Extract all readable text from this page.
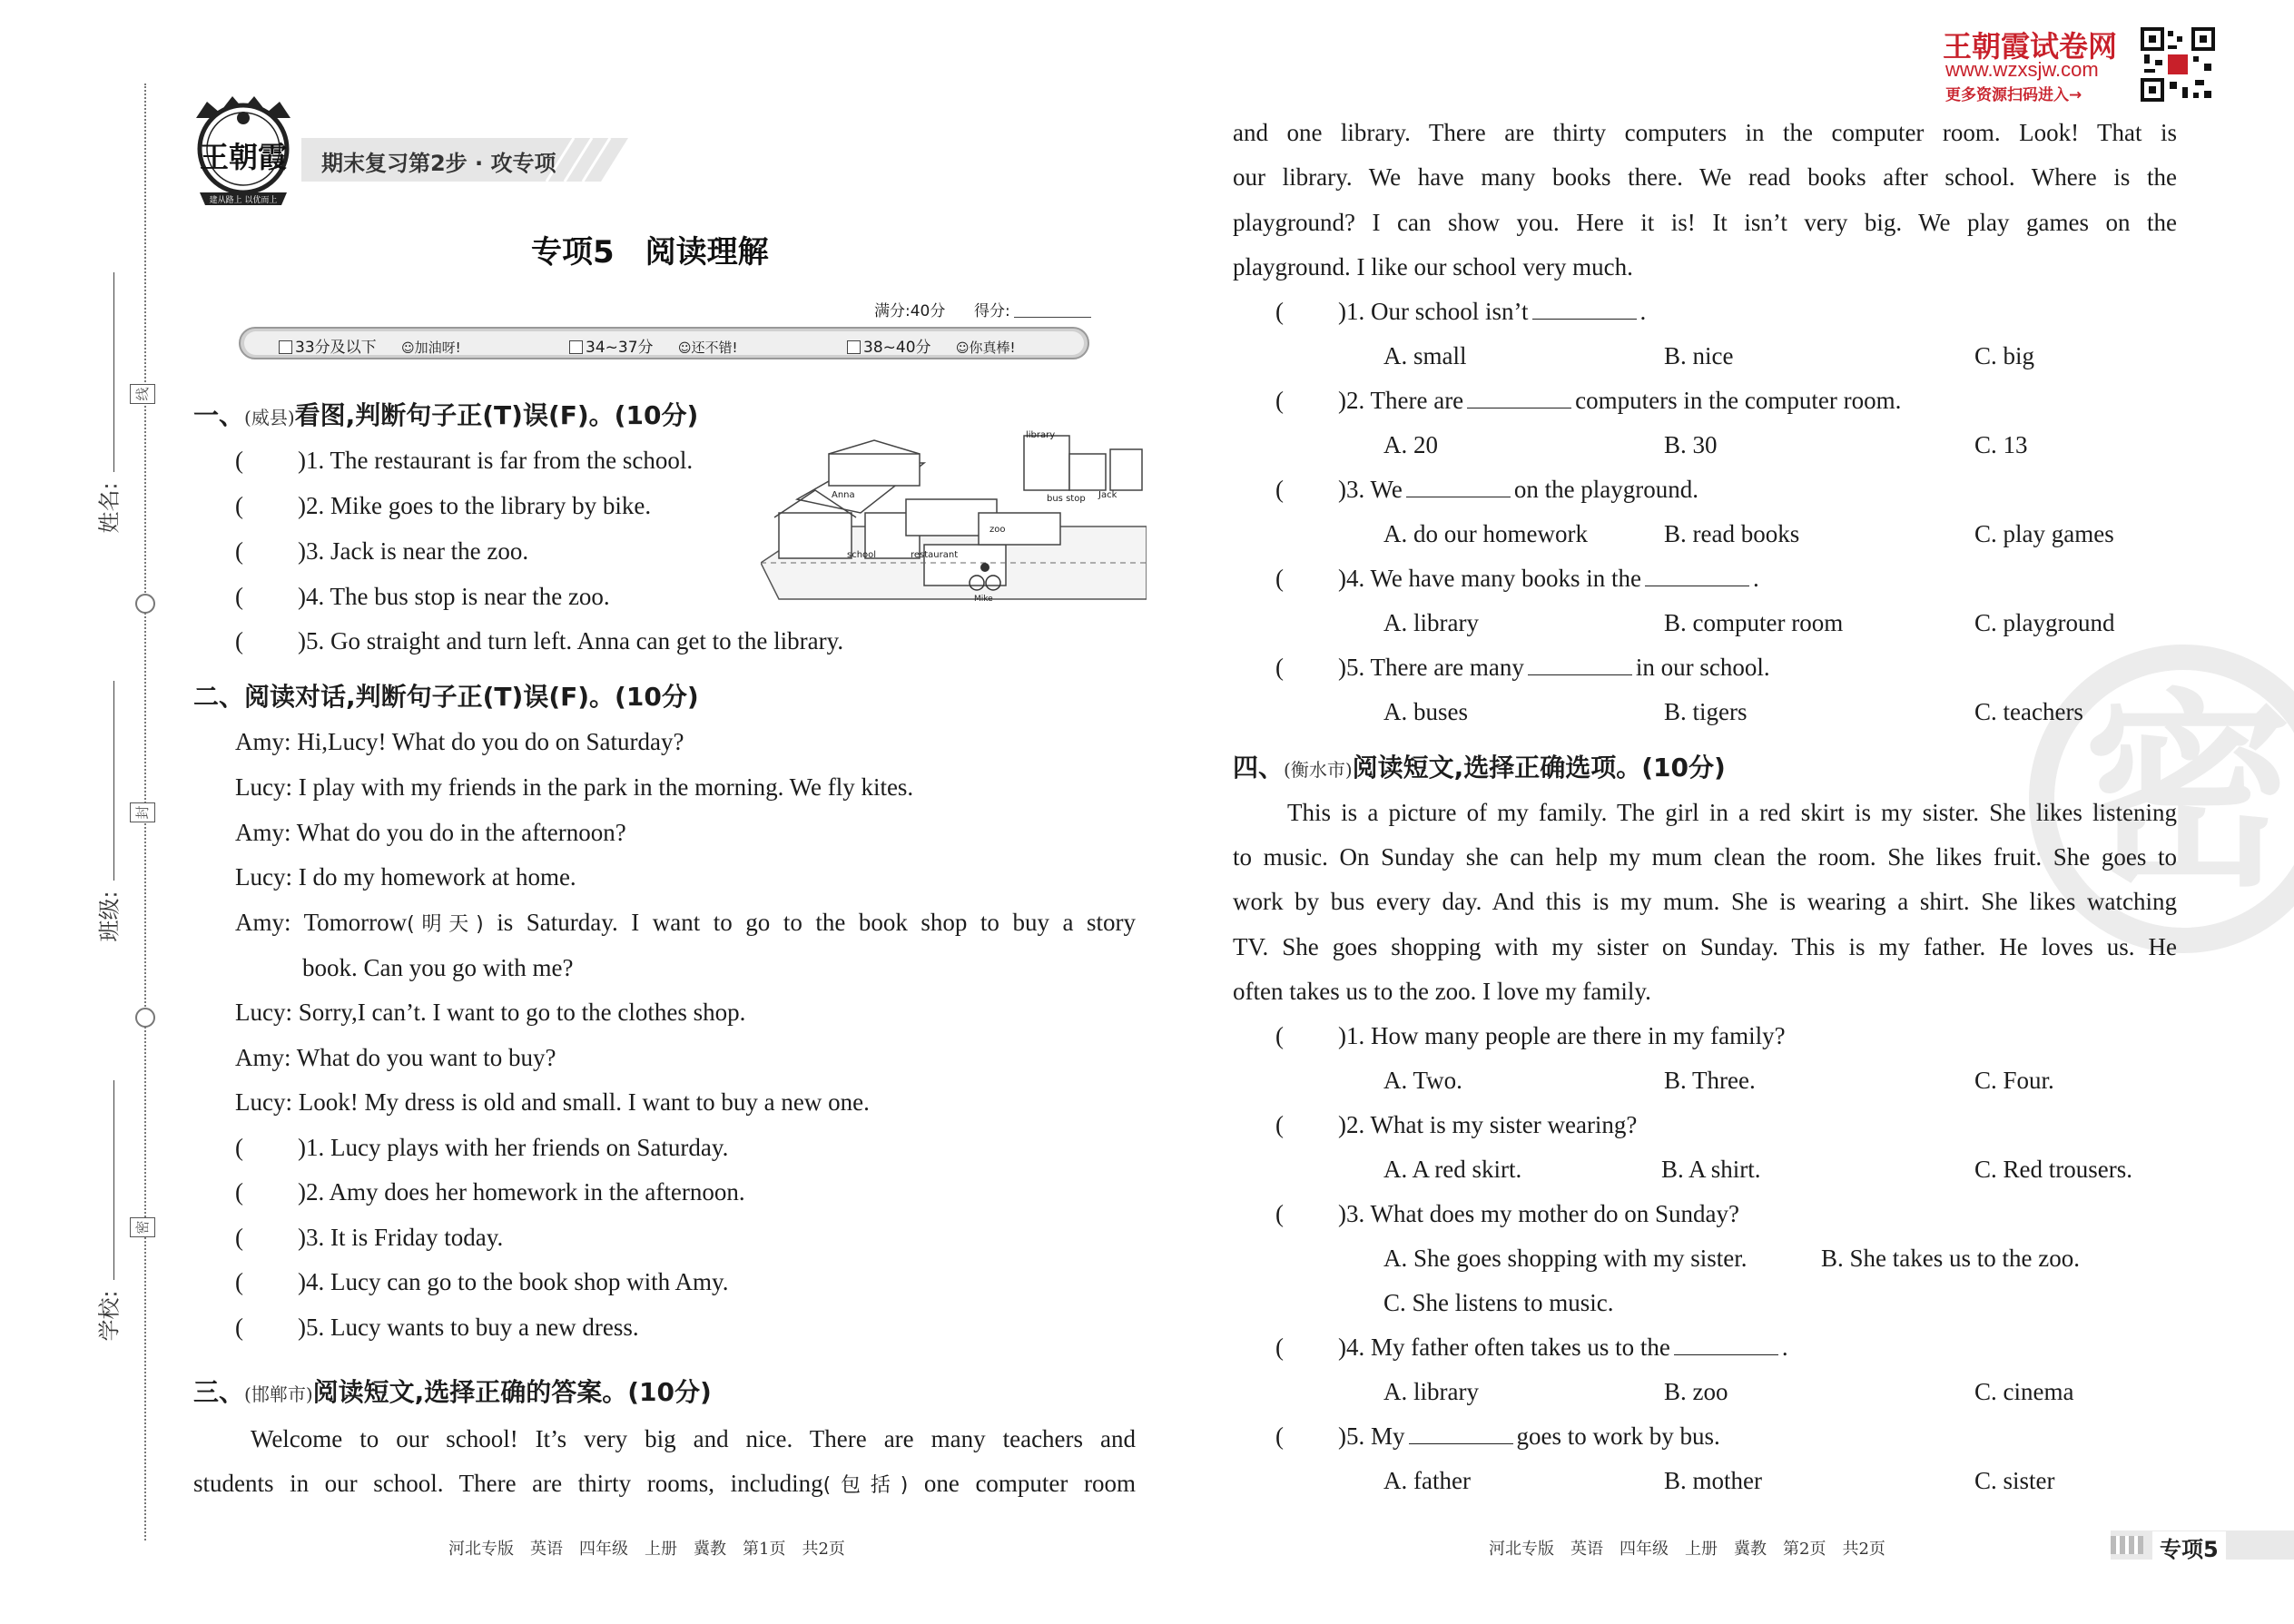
线
封
密
姓名:
班级:
学校:
王朝霞
建从路上 以优而上
期末复习第2步 · 攻专项
专项5　阅读理解
满分:40分 得分:
33分及以下 ☺加油呀!	34~37分 ☺还不错!	38~40分 ☺你真棒!
一、(威县)看图,判断句子正(T)误(F)。(10分)
( )1. The restaurant is far from the school.
( )2. Mike goes to the library by bike.
( )3. Jack is near the zoo.
( )4. The bus stop is near the zoo.
( )5. Go straight and turn left. Anna can get to the library.
library
bus stop Jack
Anna
school	restaurant
zoo
Mike
二、阅读对话,判断句子正(T)误(F)。(10分)
Amy: Hi,Lucy! What do you do on Saturday?
Lucy: I play with my friends in the park in the morning. We fly kites.
Amy: What do you do in the afternoon?
Lucy: I do my homework at home.
Amy: Tomorrow(明天) is Saturday. I want to go to the book shop to buy a story
book. Can you go with me?
Lucy: Sorry,I can’t. I want to go to the clothes shop.
Amy: What do you want to buy?
Lucy: Look! My dress is old and small. I want to buy a new one.
( )1. Lucy plays with her friends on Saturday.
( )2. Amy does her homework in the afternoon.
( )3. It is Friday today.
( )4. Lucy can go to the book shop with Amy.
( )5. Lucy wants to buy a new dress.
三、(邯郸市)阅读短文,选择正确的答案。(10分)
Welcome to our school! It’s very big and nice. There are many teachers and
students in our school. There are thirty rooms, including(包括) one computer room
河北专版　英语　四年级　上册　冀教　第1页　共2页
王朝霞试卷网
www.wzxsjw.com
更多资源扫码进入→
密
and one library. There are thirty computers in the computer room. Look! That is
our library. We have many books there. We read books after school. Where is the
playground? I can show you. Here it is! It isn’t very big. We play games on the
playground. I like our school very much.
( )1. Our school isn’t	.
A. small	B. nice	C. big
( )2. There are	computers in the computer room.
A. 20	B. 30	C. 13
( )3. We	on the playground.
A. do our homework	B. read books	C. play games
( )4. We have many books in the	.
A. library	B. computer room	C. playground
( )5. There are many	in our school.
A. buses	B. tigers	C. teachers
四、(衡水市)阅读短文,选择正确选项。(10分)
This is a picture of my family. The girl in a red skirt is my sister. She likes listening
to music. On Sunday she can help my mum clean the room. She likes fruit. She goes to
work by bus every day. And this is my mum. She is wearing a shirt. She likes watching
TV. She goes shopping with my sister on Sunday. This is my father. He loves us. He
often takes us to the zoo. I love my family.
( )1. How many people are there in my family?
A. Two.	B. Three.	C. Four.
( )2. What is my sister wearing?
A. A red skirt.	B. A shirt.	C. Red trousers.
( )3. What does my mother do on Sunday?
A. She goes shopping with my sister.	B. She takes us to the zoo.
C. She listens to music.
( )4. My father often takes us to the	.
A. library	B. zoo	C. cinema
( )5. My	goes to work by bus.
A. father	B. mother	C. sister
河北专版　英语　四年级　上册　冀教　第2页　共2页	专项5
